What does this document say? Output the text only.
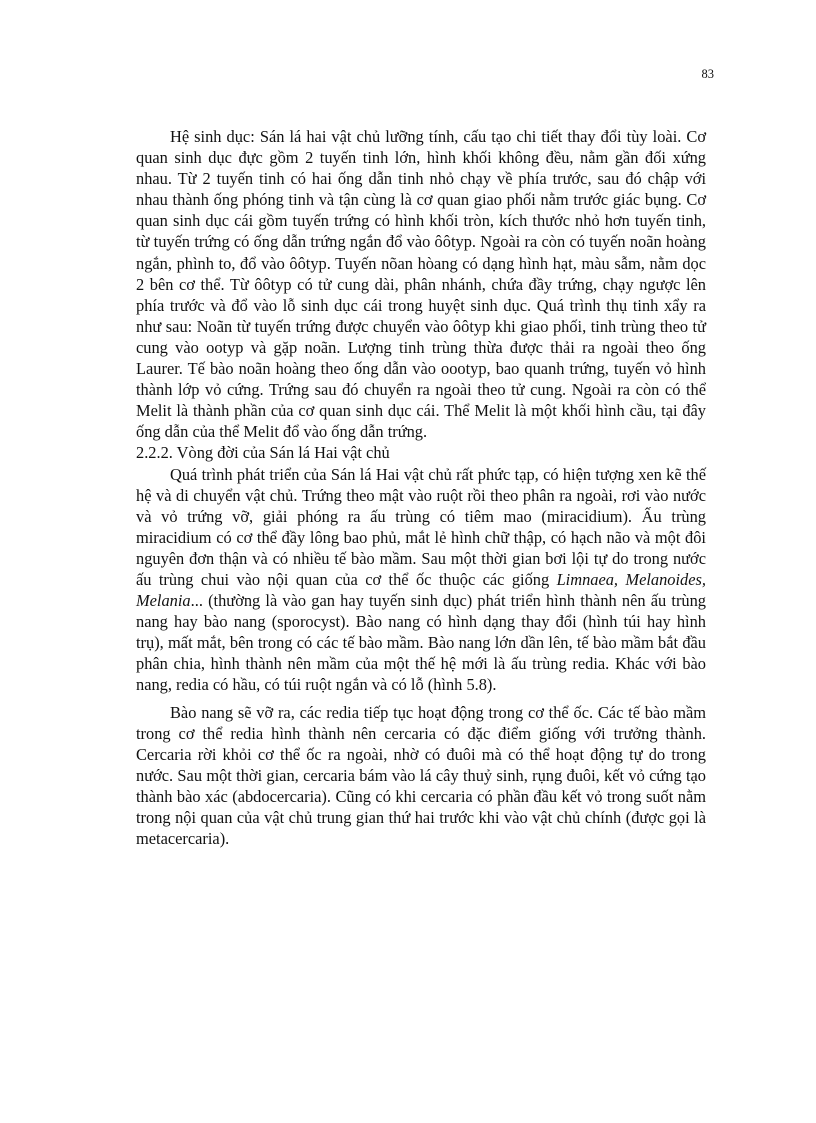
83

Hệ sinh dục: Sán lá hai vật chủ lưỡng tính, cấu tạo chi tiết thay đổi tùy loài. Cơ quan sinh dục đực gồm 2 tuyến tinh lớn, hình khối không đều, nằm gần đối xứng nhau. Từ 2 tuyến tinh có hai ống dẫn tinh nhỏ chạy về phía trước, sau đó chập với nhau thành ống phóng tinh và tận cùng là cơ quan giao phối nằm trước giác bụng. Cơ quan sinh dục cái gồm tuyến trứng có hình khối tròn, kích thước nhỏ hơn tuyến tinh, từ tuyến trứng có ống dẫn trứng ngắn đổ vào ôôtyp. Ngoài ra còn có tuyến noãn hoàng ngắn, phình to, đổ vào ôôtyp. Tuyến nõan hòang có dạng hình hạt, màu sẫm, nằm dọc 2 bên cơ thể. Từ ôôtyp có tử cung dài, phân nhánh, chứa đầy trứng, chạy ngược lên phía trước và đổ vào lỗ sinh dục cái trong huyệt sinh dục. Quá trình thụ tinh xẩy ra như sau: Noãn từ tuyến trứng được chuyển vào ôôtyp khi giao phối, tinh trùng theo tử cung vào ootyp và gặp noãn. Lượng tinh trùng thừa được thải ra ngoài theo ống Laurer. Tế bào noãn hoàng theo ống dẫn vào oootyp, bao quanh trứng, tuyến vỏ hình thành lớp vỏ cứng. Trứng sau đó chuyển ra ngoài theo tử cung. Ngoài ra còn có thể Melit là thành phần của cơ quan sinh dục cái. Thể Melit là một khối hình cầu, tại đây ống dẫn của thể Melit đổ vào ống dẫn trứng.

2.2.2. Vòng đời của Sán lá Hai vật chủ

Quá trình phát triển của Sán lá Hai vật chủ rất phức tạp, có hiện tượng xen kẽ thế hệ và di chuyển vật chủ. Trứng theo mật vào ruột rồi theo phân ra ngoài, rơi vào nước và vỏ trứng vỡ, giải phóng ra ấu trùng có tiêm mao (miracidium). Ấu trùng miracidium có cơ thể đầy lông bao phủ, mắt lẻ hình chữ thập, có hạch não và một đôi nguyên đơn thận và có nhiều tế bào mầm. Sau một thời gian bơi lội tự do trong nước ấu trùng chui vào nội quan của cơ thể ốc thuộc các giống Limnaea, Melanoides, Melania... (thường là vào gan hay tuyến sinh dục) phát triển hình thành nên ấu trùng nang hay bào nang (sporocyst). Bào nang có hình dạng thay đổi (hình túi hay hình trụ), mất mắt, bên trong có các tế bào mầm. Bào nang lớn dần lên, tế bào mầm bắt đầu phân chia, hình thành nên mầm của một thế hệ mới là ấu trùng redia. Khác với bào nang, redia có hầu, có túi ruột ngắn và có lỗ (hình 5.8).

Bào nang sẽ vỡ ra, các redia tiếp tục hoạt động trong cơ thể ốc. Các tế bào mầm trong cơ thể redia hình thành nên cercaria có đặc điểm giống với trưởng thành. Cercaria rời khỏi cơ thể ốc ra ngoài, nhờ có đuôi mà có thể hoạt động tự do trong nước. Sau một thời gian, cercaria bám vào lá cây thuỷ sinh, rụng đuôi, kết vỏ cứng tạo thành bào xác (abdocercaria). Cũng có khi cercaria có phần đầu kết vỏ trong suốt nằm trong nội quan của vật chủ trung gian thứ hai trước khi vào vật chủ chính (được gọi là metacercaria).
